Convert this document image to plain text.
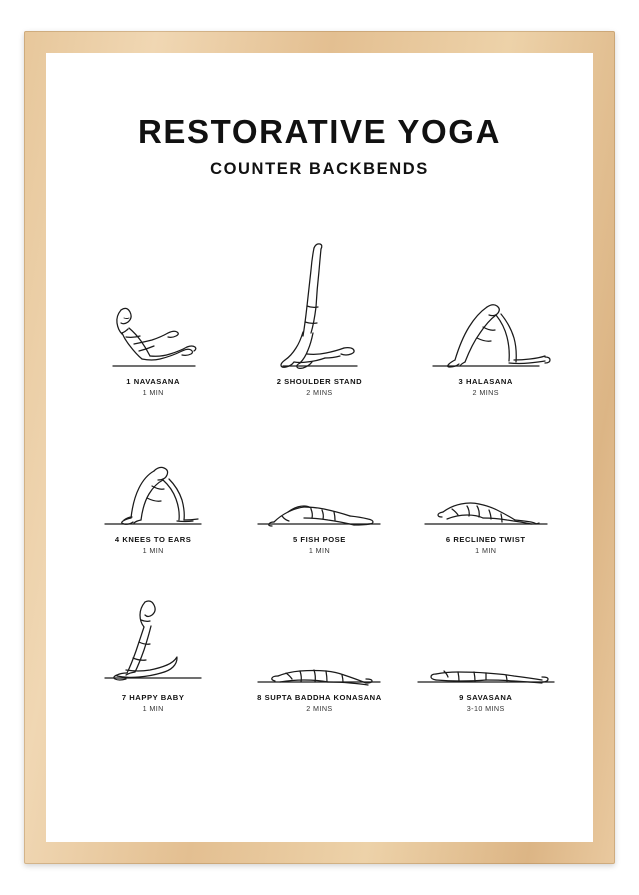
RESTORATIVE YOGA
COUNTER BACKBENDS
1 NAVASANA
1 MIN
2 SHOULDER STAND
2 MINS
3 HALASANA
2 MINS
4 KNEES TO EARS
1 MIN
5 FISH POSE
1 MIN
6 RECLINED TWIST
1 MIN
7 HAPPY BABY
1 MIN
8 SUPTA BADDHA KONASANA
2 MINS
9 SAVASANA
3-10 MINS
